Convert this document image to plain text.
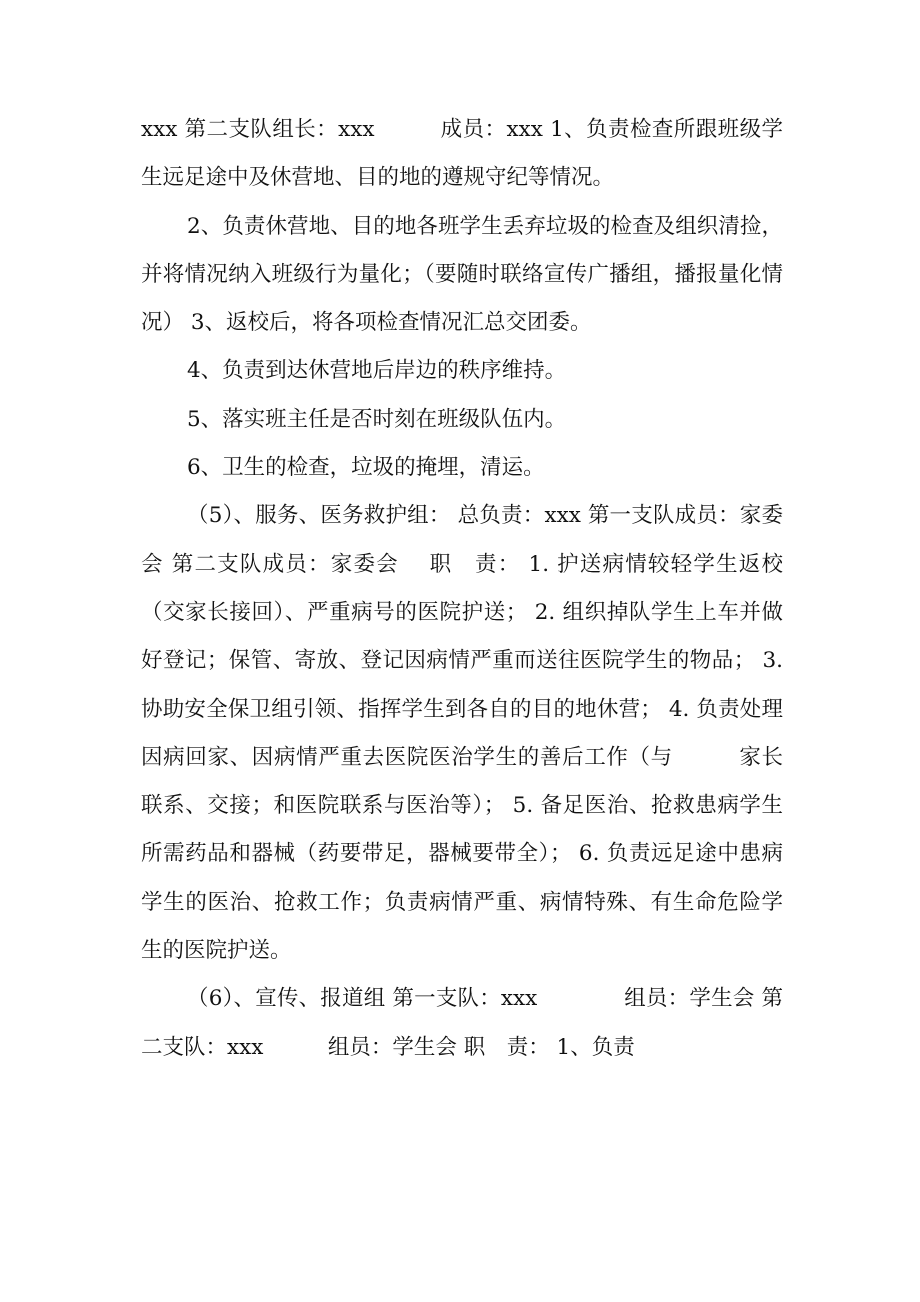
xxx 第二支队组长：xxx　　　成员：xxx 1、负责检查所跟班级学生远足途中及休营地、目的地的遵规守纪等情况。

2、负责休营地、目的地各班学生丢弃垃圾的检查及组织清捡，并将情况纳入班级行为量化；（要随时联络宣传广播组，播报量化情况） 3、返校后，将各项检查情况汇总交团委。

4、负责到达休营地后岸边的秩序维持。

5、落实班主任是否时刻在班级队伍内。

6、卫生的检查，垃圾的掩埋，清运。

（5）、服务、医务救护组： 总负责：xxx 第一支队成员：家委会 第二支队成员：家委会　 职　责： 1. 护送病情较轻学生返校（交家长接回）、严重病号的医院护送； 2. 组织掉队学生上车并做好登记；保管、寄放、登记因病情严重而送往医院学生的物品； 3. 协助安全保卫组引领、指挥学生到各自的目的地休营； 4. 负责处理因病回家、因病情严重去医院医治学生的善后工作（与　　　家长联系、交接；和医院联系与医治等）； 5. 备足医治、抢救患病学生所需药品和器械（药要带足，器械要带全）； 6. 负责远足途中患病学生的医治、抢救工作；负责病情严重、病情特殊、有生命危险学生的医院护送。

（6）、宣传、报道组 第一支队：xxx　　　　组员：学生会 第二支队：xxx　　　组员：学生会 职　责： 1、负责
